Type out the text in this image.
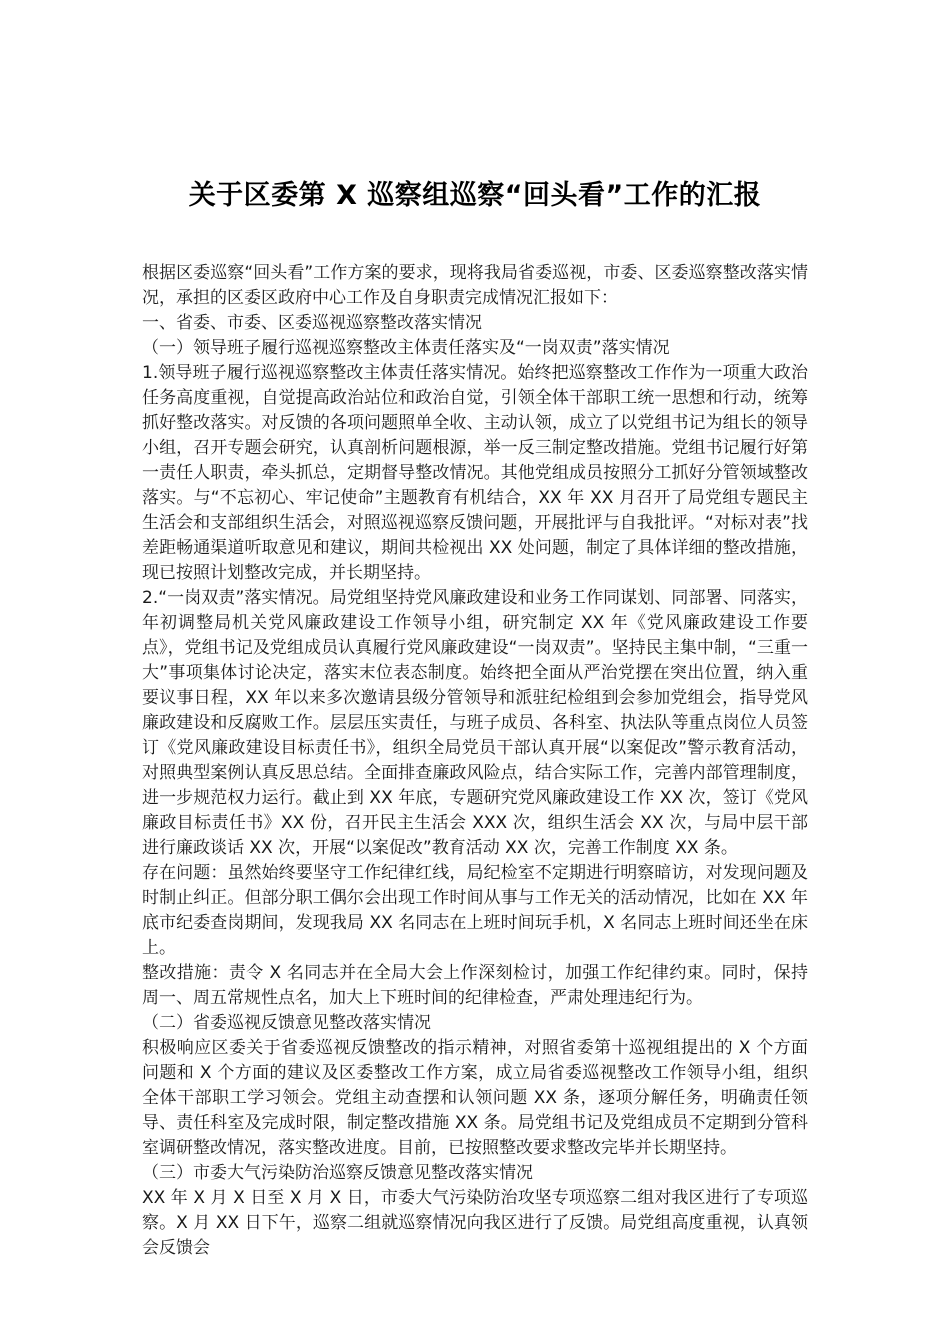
关于区委第 X 巡察组巡察“回头看”工作的汇报

根据区委巡察“回头看”工作方案的要求，现将我局省委巡视，市委、区委巡察整改落实情况，承担的区委区政府中心工作及自身职责完成情况汇报如下：

一、省委、市委、区委巡视巡察整改落实情况

（一）领导班子履行巡视巡察整改主体责任落实及“一岗双责”落实情况

1.领导班子履行巡视巡察整改主体责任落实情况。始终把巡察整改工作作为一项重大政治任务高度重视，自觉提高政治站位和政治自觉，引领全体干部职工统一思想和行动，统筹抓好整改落实。对反馈的各项问题照单全收、主动认领，成立了以党组书记为组长的领导小组，召开专题会研究，认真剖析问题根源，举一反三制定整改措施。党组书记履行好第一责任人职责，牵头抓总，定期督导整改情况。其他党组成员按照分工抓好分管领域整改落实。与“不忘初心、牢记使命”主题教育有机结合，XX 年 XX 月召开了局党组专题民主生活会和支部组织生活会，对照巡视巡察反馈问题，开展批评与自我批评。“对标对表”找差距畅通渠道听取意见和建议，期间共检视出 XX 处问题，制定了具体详细的整改措施，现已按照计划整改完成，并长期坚持。

2.“一岗双责”落实情况。局党组坚持党风廉政建设和业务工作同谋划、同部署、同落实，年初调整局机关党风廉政建设工作领导小组，研究制定 XX 年《党风廉政建设工作要点》，党组书记及党组成员认真履行党风廉政建设“一岗双责”。坚持民主集中制，“三重一大”事项集体讨论决定，落实末位表态制度。始终把全面从严治党摆在突出位置，纳入重要议事日程，XX 年以来多次邀请县级分管领导和派驻纪检组到会参加党组会，指导党风廉政建设和反腐败工作。层层压实责任，与班子成员、各科室、执法队等重点岗位人员签订《党风廉政建设目标责任书》，组织全局党员干部认真开展“以案促改”警示教育活动，对照典型案例认真反思总结。全面排查廉政风险点，结合实际工作，完善内部管理制度，进一步规范权力运行。截止到 XX 年底，专题研究党风廉政建设工作 XX 次，签订《党风廉政目标责任书》XX 份，召开民主生活会 XXX 次，组织生活会 XX 次，与局中层干部进行廉政谈话 XX 次，开展“以案促改”教育活动 XX 次，完善工作制度 XX 条。

存在问题：虽然始终要坚守工作纪律红线，局纪检室不定期进行明察暗访，对发现问题及时制止纠正。但部分职工偶尔会出现工作时间从事与工作无关的活动情况，比如在 XX 年底市纪委查岗期间，发现我局 XX 名同志在上班时间玩手机，X 名同志上班时间还坐在床上。

整改措施：责令 X 名同志并在全局大会上作深刻检讨，加强工作纪律约束。同时，保持周一、周五常规性点名，加大上下班时间的纪律检查，严肃处理违纪行为。

（二）省委巡视反馈意见整改落实情况

积极响应区委关于省委巡视反馈整改的指示精神，对照省委第十巡视组提出的 X 个方面问题和 X 个方面的建议及区委整改工作方案，成立局省委巡视整改工作领导小组，组织全体干部职工学习领会。党组主动查摆和认领问题 XX 条，逐项分解任务，明确责任领导、责任科室及完成时限，制定整改措施 XX 条。局党组书记及党组成员不定期到分管科室调研整改情况，落实整改进度。目前，已按照整改要求整改完毕并长期坚持。

（三）市委大气污染防治巡察反馈意见整改落实情况

XX 年 X 月 X 日至 X 月 X 日，市委大气污染防治攻坚专项巡察二组对我区进行了专项巡察。X 月 XX 日下午，巡察二组就巡察情况向我区进行了反馈。局党组高度重视，认真领会反馈会
